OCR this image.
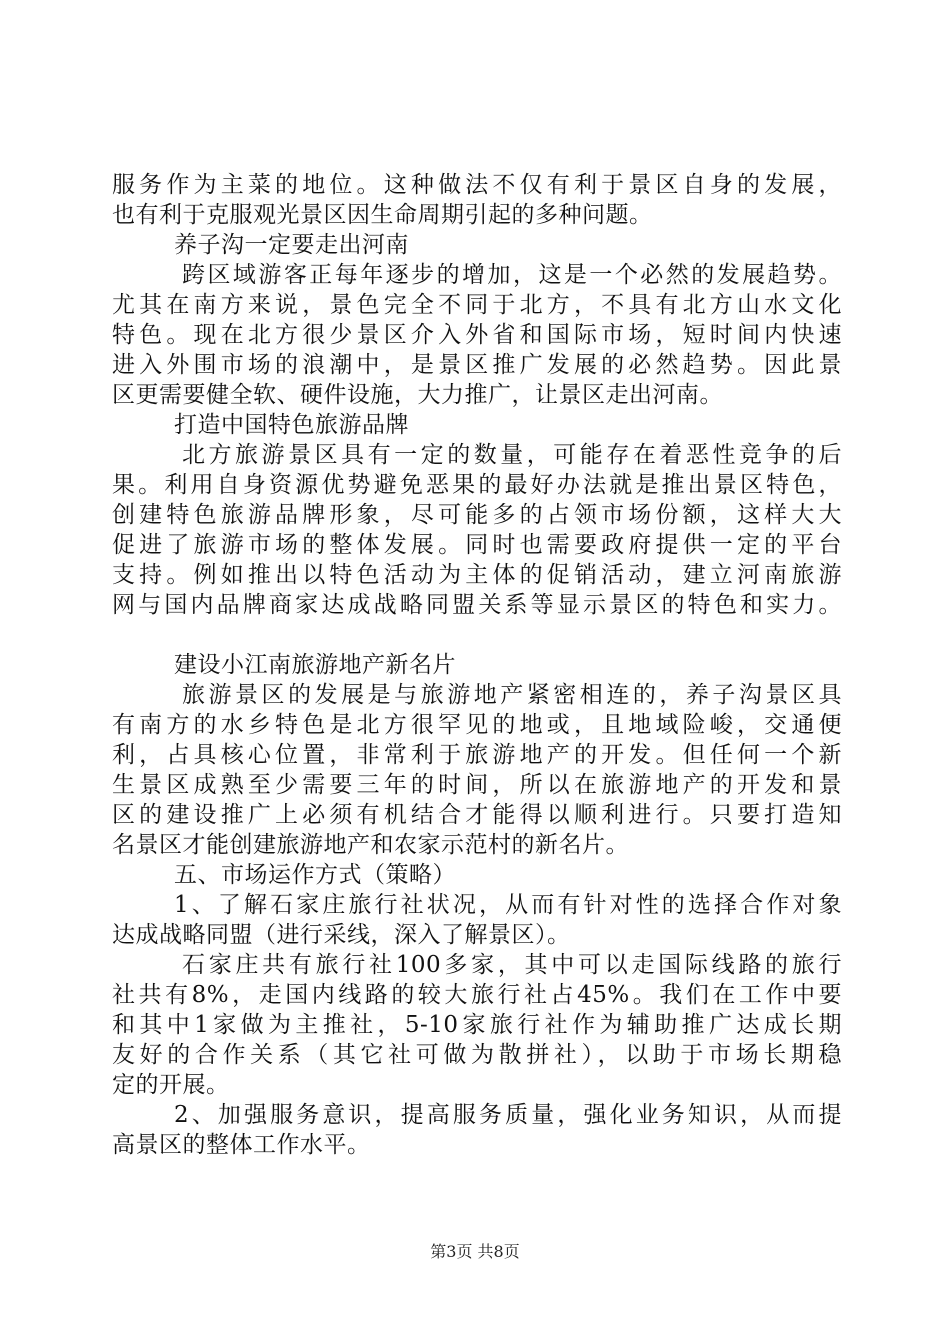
服务作为主菜的地位。这种做法不仅有利于景区自身的发展，
也有利于克服观光景区因生命周期引起的多种问题。
养子沟一定要走出河南
跨区域游客正每年逐步的增加，这是一个必然的发展趋势。
尤其在南方来说，景色完全不同于北方，不具有北方山水文化
特色。现在北方很少景区介入外省和国际市场，短时间内快速
进入外围市场的浪潮中，是景区推广发展的必然趋势。因此景
区更需要健全软、硬件设施，大力推广，让景区走出河南。
打造中国特色旅游品牌
北方旅游景区具有一定的数量，可能存在着恶性竞争的后
果。利用自身资源优势避免恶果的最好办法就是推出景区特色，
创建特色旅游品牌形象，尽可能多的占领市场份额，这样大大
促进了旅游市场的整体发展。同时也需要政府提供一定的平台
支持。例如推出以特色活动为主体的促销活动，建立河南旅游
网与国内品牌商家达成战略同盟关系等显示景区的特色和实力。
建设小江南旅游地产新名片
旅游景区的发展是与旅游地产紧密相连的，养子沟景区具
有南方的水乡特色是北方很罕见的地或，且地域险峻，交通便
利，占具核心位置，非常利于旅游地产的开发。但任何一个新
生景区成熟至少需要三年的时间，所以在旅游地产的开发和景
区的建设推广上必须有机结合才能得以顺利进行。只要打造知
名景区才能创建旅游地产和农家示范村的新名片。
五、市场运作方式（策略）
1、了解石家庄旅行社状况，从而有针对性的选择合作对象
达成战略同盟（进行采线，深入了解景区）。
石家庄共有旅行社100多家，其中可以走国际线路的旅行
社共有8%，走国内线路的较大旅行社占45%。我们在工作中要
和其中1家做为主推社，5-10家旅行社作为辅助推广达成长期
友好的合作关系（其它社可做为散拼社），以助于市场长期稳
定的开展。
2、加强服务意识，提高服务质量，强化业务知识，从而提
高景区的整体工作水平。
第3页 共8页
